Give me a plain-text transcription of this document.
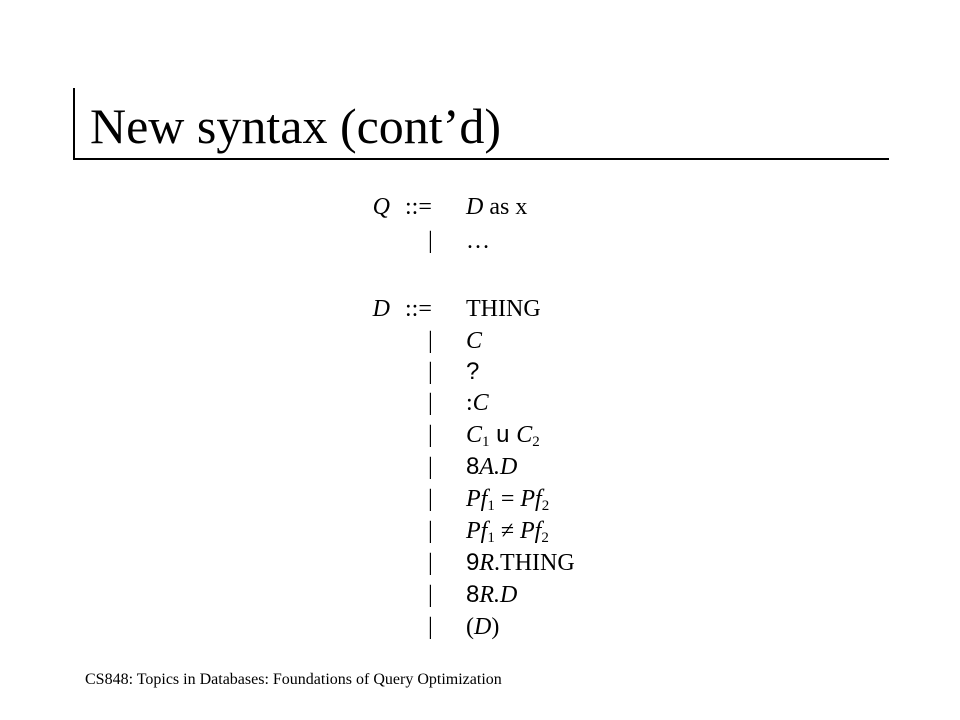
New syntax (cont’d)
Q ::= D as x
| …
D ::= THING
| C
| ?
| :C
| $C_1$ u $C_2$
| 8A.D
| $Pf_1 = Pf_2$
| $Pf_1 \ne Pf_2$
| 9R.THING
| 8R.D
| (D)
CS848: Topics in Databases: Foundations of Query Optimization
